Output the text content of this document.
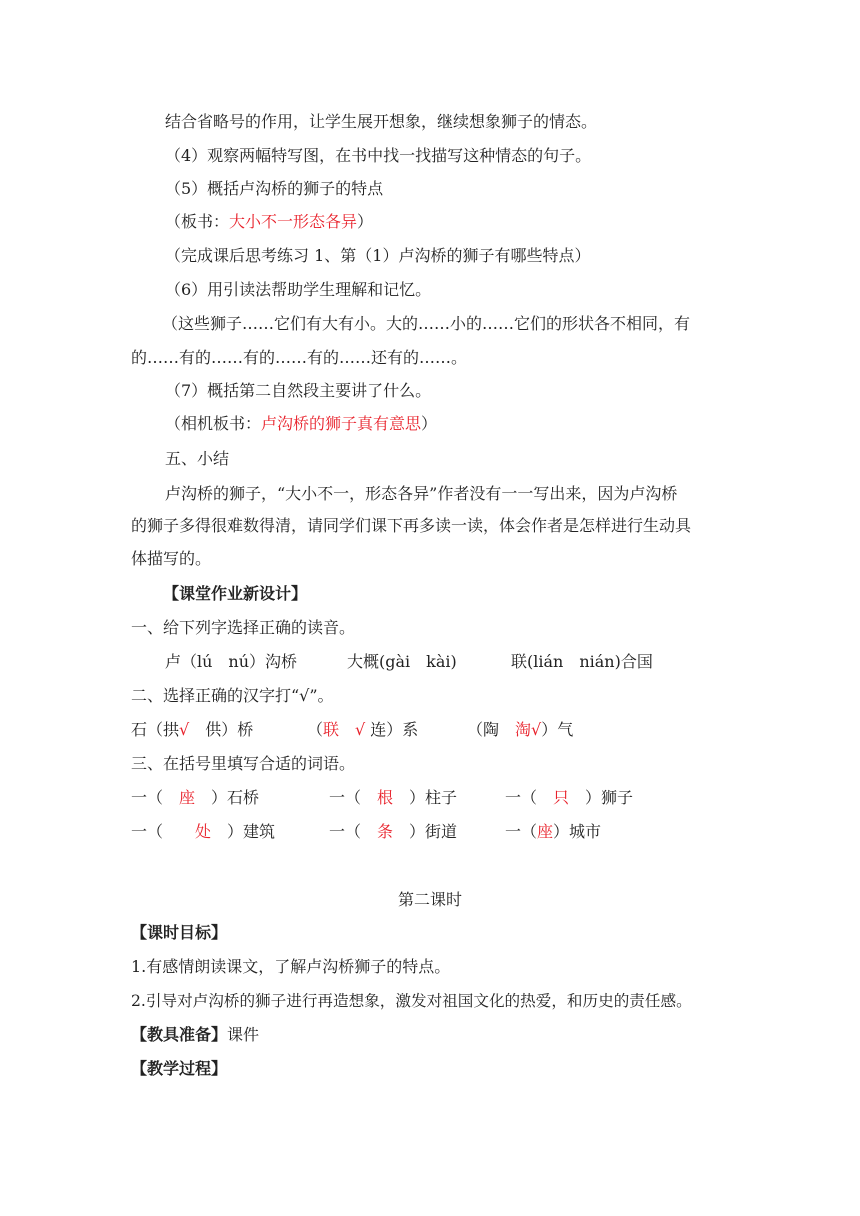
结合省略号的作用，让学生展开想象，继续想象狮子的情态。
（4）观察两幅特写图，在书中找一找描写这种情态的句子。
（5）概括卢沟桥的狮子的特点
（板书：大小不一形态各异）
（完成课后思考练习 1、第（1）卢沟桥的狮子有哪些特点）
（6）用引读法帮助学生理解和记忆。
（这些狮子……它们有大有小。大的……小的……它们的形状各不相同，有
的……有的……有的……有的……还有的……。
（7）概括第二自然段主要讲了什么。
（相机板书：卢沟桥的狮子真有意思）
五、小结
卢沟桥的狮子，“大小不一，形态各异”作者没有一一写出来，因为卢沟桥
的狮子多得很难数得清，请同学们课下再多读一读，体会作者是怎样进行生动具
体描写的。
【课堂作业新设计】
一、给下列字选择正确的读音。
卢（lú　nú）沟桥	大概(gài　kài)	联(lián　nián)合国
二、选择正确的汉字打“√”。
石（拱√　供）桥	（联　√ 连）系	（陶　淘√）气
三、在括号里填写合适的词语。
一（　座　）石桥	一（　根　）柱子	一（　只　）狮子
一（　　处　）建筑	一（　条　）街道	一（座）城市
第二课时
【课时目标】
1.有感情朗读课文，了解卢沟桥狮子的特点。
2.引导对卢沟桥的狮子进行再造想象，激发对祖国文化的热爱，和历史的责任感。
【教具准备】课件
【教学过程】
